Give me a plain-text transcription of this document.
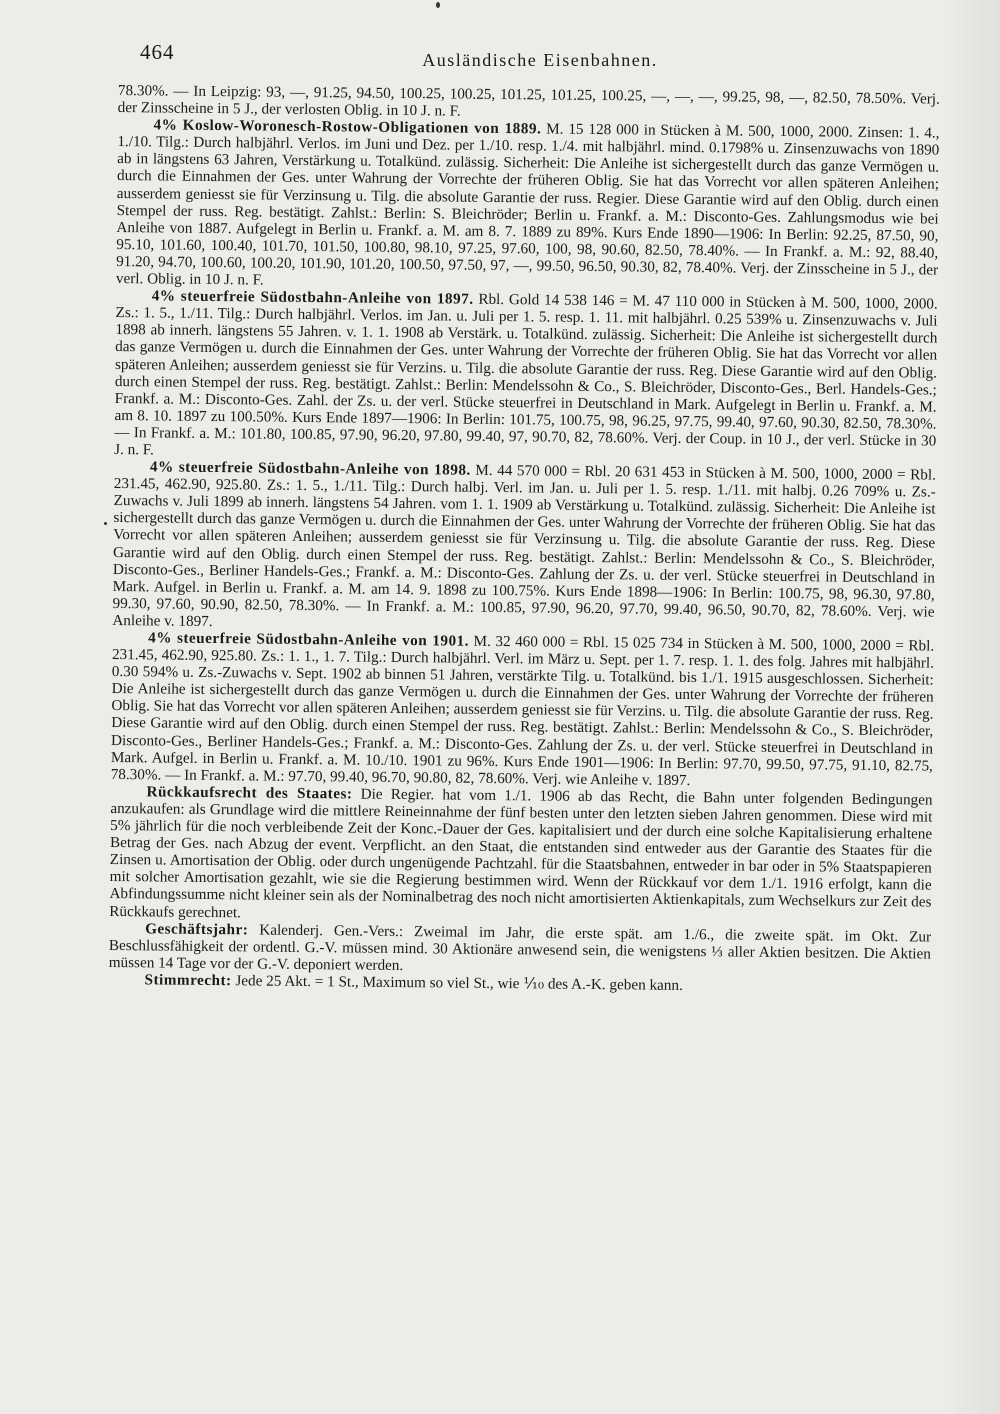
464	Ausländische Eisenbahnen.

78.30%. — In Leipzig: 93, —, 91.25, 94.50, 100.25, 100.25, 101.25, 101.25, 100.25, —, —, —, 99.25, 98, —, 82.50, 78.50%. Verj. der Zinsscheine in 5 J., der verlosten Oblig. in 10 J. n. F.

4% Koslow-Woronesch-Rostow-Obligationen von 1889. M. 15 128 000 in Stücken à M. 500, 1000, 2000. Zinsen: 1. 4., 1./10. Tilg.: Durch halbjährl. Verlos. im Juni und Dez. per 1./10. resp. 1./4. mit halbjährl. mind. 0.1798% u. Zinsenzuwachs von 1890 ab in längstens 63 Jahren, Verstärkung u. Totalkünd. zulässig. Sicherheit: Die Anleihe ist sichergestellt durch das ganze Vermögen u. durch die Einnahmen der Ges. unter Wahrung der Vorrechte der früheren Oblig. Sie hat das Vorrecht vor allen späteren Anleihen; ausserdem geniesst sie für Verzinsung u. Tilg. die absolute Garantie der russ. Regier. Diese Garantie wird auf den Oblig. durch einen Stempel der russ. Reg. bestätigt. Zahlst.: Berlin: S. Bleichröder; Berlin u. Frankf. a. M.: Disconto-Ges. Zahlungsmodus wie bei Anleihe von 1887. Aufgelegt in Berlin u. Frankf. a. M. am 8. 7. 1889 zu 89%. Kurs Ende 1890—1906: In Berlin: 92.25, 87.50, 90, 95.10, 101.60, 100.40, 101.70, 101.50, 100.80, 98.10, 97.25, 97.60, 100, 98, 90.60, 82.50, 78.40%. — In Frankf. a. M.: 92, 88.40, 91.20, 94.70, 100.60, 100.20, 101.90, 101.20, 100.50, 97.50, 97, —, 99.50, 96.50, 90.30, 82, 78.40%. Verj. der Zinsscheine in 5 J., der verl. Oblig. in 10 J. n. F.

4% steuerfreie Südostbahn-Anleihe von 1897. Rbl. Gold 14 538 146 = M. 47 110 000 in Stücken à M. 500, 1000, 2000. Zs.: 1. 5., 1./11. Tilg.: Durch halbjährl. Verlos. im Jan. u. Juli per 1. 5. resp. 1. 11. mit halbjährl. 0.25 539% u. Zinsenzuwachs v. Juli 1898 ab innerh. längstens 55 Jahren. v. 1. 1. 1908 ab Verstärk. u. Totalkünd. zulässig. Sicherheit: Die Anleihe ist sichergestellt durch das ganze Vermögen u. durch die Einnahmen der Ges. unter Wahrung der Vorrechte der früheren Oblig. Sie hat das Vorrecht vor allen späteren Anleihen; ausserdem geniesst sie für Verzins. u. Tilg. die absolute Garantie der russ. Reg. Diese Garantie wird auf den Oblig. durch einen Stempel der russ. Reg. bestätigt. Zahlst.: Berlin: Mendelssohn & Co., S. Bleichröder, Disconto-Ges., Berl. Handels-Ges.; Frankf. a. M.: Disconto-Ges. Zahl. der Zs. u. der verl. Stücke steuerfrei in Deutschland in Mark. Aufgelegt in Berlin u. Frankf. a. M. am 8. 10. 1897 zu 100.50%. Kurs Ende 1897—1906: In Berlin: 101.75, 100.75, 98, 96.25, 97.75, 99.40, 97.60, 90.30, 82.50, 78.30%. — In Frankf. a. M.: 101.80, 100.85, 97.90, 96.20, 97.80, 99.40, 97, 90.70, 82, 78.60%. Verj. der Coup. in 10 J., der verl. Stücke in 30 J. n. F.

4% steuerfreie Südostbahn-Anleihe von 1898. M. 44 570 000 = Rbl. 20 631 453 in Stücken à M. 500, 1000, 2000 = Rbl. 231.45, 462.90, 925.80. Zs.: 1. 5., 1./11. Tilg.: Durch halbj. Verl. im Jan. u. Juli per 1. 5. resp. 1./11. mit halbj. 0.26 709% u. Zs.-Zuwachs v. Juli 1899 ab innerh. längstens 54 Jahren. vom 1. 1. 1909 ab Verstärkung u. Totalkünd. zulässig. Sicherheit: Die Anleihe ist sichergestellt durch das ganze Vermögen u. durch die Einnahmen der Ges. unter Wahrung der Vorrechte der früheren Oblig. Sie hat das Vorrecht vor allen späteren Anleihen; ausserdem geniesst sie für Verzinsung u. Tilg. die absolute Garantie der russ. Reg. Diese Garantie wird auf den Oblig. durch einen Stempel der russ. Reg. bestätigt. Zahlst.: Berlin: Mendelssohn & Co., S. Bleichröder, Disconto-Ges., Berliner Handels-Ges.; Frankf. a. M.: Disconto-Ges. Zahlung der Zs. u. der verl. Stücke steuerfrei in Deutschland in Mark. Aufgel. in Berlin u. Frankf. a. M. am 14. 9. 1898 zu 100.75%. Kurs Ende 1898—1906: In Berlin: 100.75, 98, 96.30, 97.80, 99.30, 97.60, 90.90, 82.50, 78.30%. — In Frankf. a. M.: 100.85, 97.90, 96.20, 97.70, 99.40, 96.50, 90.70, 82, 78.60%. Verj. wie Anleihe v. 1897.

4% steuerfreie Südostbahn-Anleihe von 1901. M. 32 460 000 = Rbl. 15 025 734 in Stücken à M. 500, 1000, 2000 = Rbl. 231.45, 462.90, 925.80. Zs.: 1. 1., 1. 7. Tilg.: Durch halbjährl. Verl. im März u. Sept. per 1. 7. resp. 1. 1. des folg. Jahres mit halbjährl. 0.30 594% u. Zs.-Zuwachs v. Sept. 1902 ab binnen 51 Jahren, verstärkte Tilg. u. Totalkünd. bis 1./1. 1915 ausgeschlossen. Sicherheit: Die Anleihe ist sichergestellt durch das ganze Vermögen u. durch die Einnahmen der Ges. unter Wahrung der Vorrechte der früheren Oblig. Sie hat das Vorrecht vor allen späteren Anleihen; ausserdem geniesst sie für Verzins. u. Tilg. die absolute Garantie der russ. Reg. Diese Garantie wird auf den Oblig. durch einen Stempel der russ. Reg. bestätigt. Zahlst.: Berlin: Mendelssohn & Co., S. Bleichröder, Disconto-Ges., Berliner Handels-Ges.; Frankf. a. M.: Disconto-Ges. Zahlung der Zs. u. der verl. Stücke steuerfrei in Deutschland in Mark. Aufgel. in Berlin u. Frankf. a. M. 10./10. 1901 zu 96%. Kurs Ende 1901—1906: In Berlin: 97.70, 99.50, 97.75, 91.10, 82.75, 78.30%. — In Frankf. a. M.: 97.70, 99.40, 96.70, 90.80, 82, 78.60%. Verj. wie Anleihe v. 1897.

Rückkaufsrecht des Staates: Die Regier. hat vom 1./1. 1906 ab das Recht, die Bahn unter folgenden Bedingungen anzukaufen: als Grundlage wird die mittlere Reineinnahme der fünf besten unter den letzten sieben Jahren genommen. Diese wird mit 5% jährlich für die noch verbleibende Zeit der Konc.-Dauer der Ges. kapitalisiert und der durch eine solche Kapitalisierung erhaltene Betrag der Ges. nach Abzug der event. Verpflicht. an den Staat, die entstanden sind entweder aus der Garantie des Staates für die Zinsen u. Amortisation der Oblig. oder durch ungenügende Pachtzahl. für die Staatsbahnen, entweder in bar oder in 5% Staatspapieren mit solcher Amortisation gezahlt, wie sie die Regierung bestimmen wird. Wenn der Rückkauf vor dem 1./1. 1916 erfolgt, kann die Abfindungssumme nicht kleiner sein als der Nominalbetrag des noch nicht amortisierten Aktienkapitals, zum Wechselkurs zur Zeit des Rückkaufs gerechnet.

Geschäftsjahr: Kalenderj. Gen.-Vers.: Zweimal im Jahr, die erste spät. am 1./6., die zweite spät. im Okt. Zur Beschlussfähigkeit der ordentl. G.-V. müssen mind. 30 Aktionäre anwesend sein, die wenigstens ⅓ aller Aktien besitzen. Die Aktien müssen 14 Tage vor der G.-V. deponiert werden.

Stimmrecht: Jede 25 Akt. = 1 St., Maximum so viel St., wie ⅒ des A.-K. geben kann.
